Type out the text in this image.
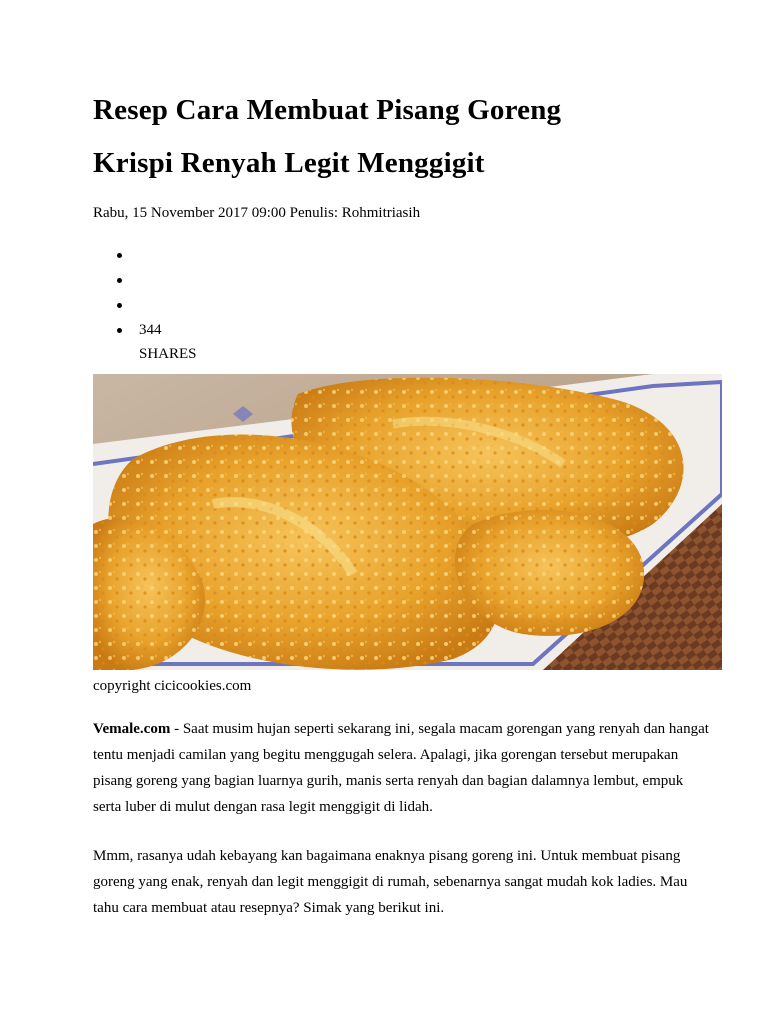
Resep Cara Membuat Pisang Goreng
Krispi Renyah Legit Menggigit
Rabu, 15 November 2017 09:00 Penulis: Rohmitriasih
344
SHARES
copyright cicicookies.com

Vemale.com - Saat musim hujan seperti sekarang ini, segala macam gorengan yang renyah dan hangat tentu menjadi camilan yang begitu menggugah selera. Apalagi, jika gorengan tersebut merupakan pisang goreng yang bagian luarnya gurih, manis serta renyah dan bagian dalamnya lembut, empuk serta luber di mulut dengan rasa legit menggigit di lidah.

Mmm, rasanya udah kebayang kan bagaimana enaknya pisang goreng ini. Untuk membuat pisang goreng yang enak, renyah dan legit menggigit di rumah, sebenarnya sangat mudah kok ladies. Mau tahu cara membuat atau resepnya? Simak yang berikut ini.
